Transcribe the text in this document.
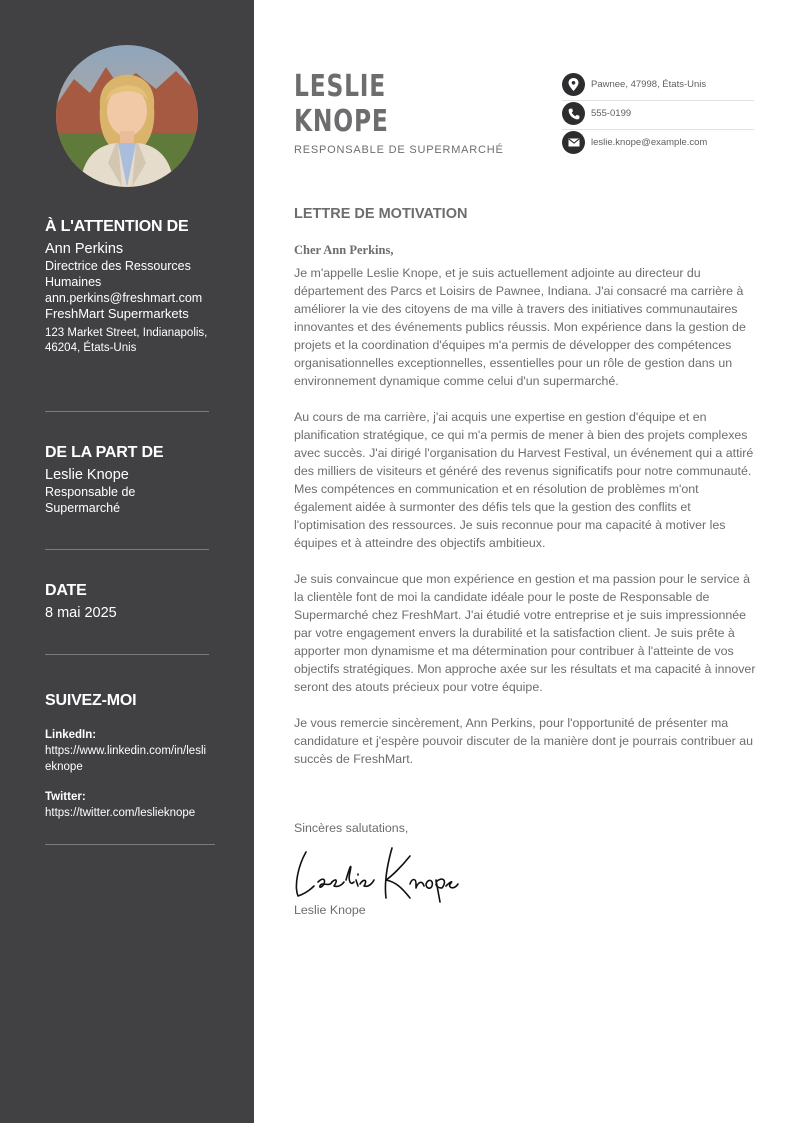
À L'ATTENTION DE
Ann Perkins
Directrice des Ressources Humaines
ann.perkins@freshmart.com
FreshMart Supermarkets
123 Market Street, Indianapolis, 46204, États-Unis
DE LA PART DE
Leslie Knope
Responsable de Supermarché
DATE
8 mai 2025
SUIVEZ-MOI
LinkedIn:
https://www.linkedin.com/in/leslieknope
Twitter:
https://twitter.com/leslieknope
LESLIE
KNOPE
RESPONSABLE DE SUPERMARCHÉ
Pawnee, 47998, États-Unis
555-0199
leslie.knope@example.com
LETTRE DE MOTIVATION
Cher Ann Perkins,

Je m'appelle Leslie Knope, et je suis actuellement adjointe au directeur du département des Parcs et Loisirs de Pawnee, Indiana. J'ai consacré ma carrière à améliorer la vie des citoyens de ma ville à travers des initiatives communautaires innovantes et des événements publics réussis. Mon expérience dans la gestion de projets et la coordination d'équipes m'a permis de développer des compétences organisationnelles exceptionnelles, essentielles pour un rôle de gestion dans un environnement dynamique comme celui d'un supermarché.

Au cours de ma carrière, j'ai acquis une expertise en gestion d'équipe et en planification stratégique, ce qui m'a permis de mener à bien des projets complexes avec succès. J'ai dirigé l'organisation du Harvest Festival, un événement qui a attiré des milliers de visiteurs et généré des revenus significatifs pour notre communauté. Mes compétences en communication et en résolution de problèmes m'ont également aidée à surmonter des défis tels que la gestion des conflits et l'optimisation des ressources. Je suis reconnue pour ma capacité à motiver les équipes et à atteindre des objectifs ambitieux.

Je suis convaincue que mon expérience en gestion et ma passion pour le service à la clientèle font de moi la candidate idéale pour le poste de Responsable de Supermarché chez FreshMart. J'ai étudié votre entreprise et je suis impressionnée par votre engagement envers la durabilité et la satisfaction client. Je suis prête à apporter mon dynamisme et ma détermination pour contribuer à l'atteinte de vos objectifs stratégiques. Mon approche axée sur les résultats et ma capacité à innover seront des atouts précieux pour votre équipe.

Je vous remercie sincèrement, Ann Perkins, pour l'opportunité de présenter ma candidature et j'espère pouvoir discuter de la manière dont je pourrais contribuer au succès de FreshMart.

Sincères salutations,
Leslie Knope
